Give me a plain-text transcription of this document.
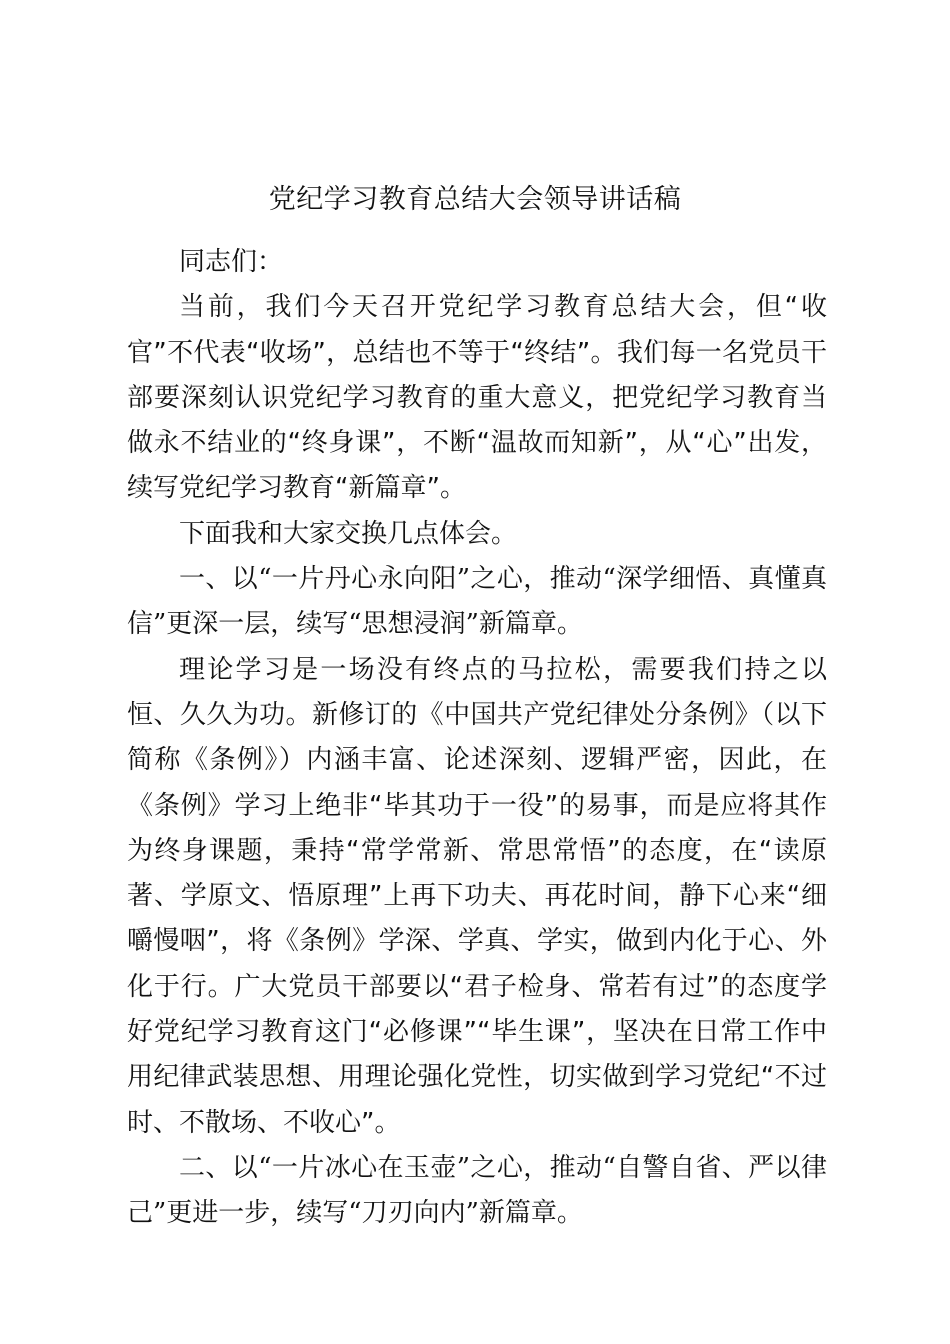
党纪学习教育总结大会领导讲话稿

同志们：

当前，我们今天召开党纪学习教育总结大会，但“收官”不代表“收场”，总结也不等于“终结”。我们每一名党员干部要深刻认识党纪学习教育的重大意义，把党纪学习教育当做永不结业的“终身课”，不断“温故而知新”，从“心”出发，续写党纪学习教育“新篇章”。

下面我和大家交换几点体会。

一、以“一片丹心永向阳”之心，推动“深学细悟、真懂真信”更深一层，续写“思想浸润”新篇章。

理论学习是一场没有终点的马拉松，需要我们持之以恒、久久为功。新修订的《中国共产党纪律处分条例》（以下简称《条例》）内涵丰富、论述深刻、逻辑严密，因此，在《条例》学习上绝非“毕其功于一役”的易事，而是应将其作为终身课题，秉持“常学常新、常思常悟”的态度，在“读原著、学原文、悟原理”上再下功夫、再花时间，静下心来“细嚼慢咽”，将《条例》学深、学真、学实，做到内化于心、外化于行。广大党员干部要以“君子检身、常若有过”的态度学好党纪学习教育这门“必修课”“毕生课”，坚决在日常工作中用纪律武装思想、用理论强化党性，切实做到学习党纪“不过时、不散场、不收心”。

二、以“一片冰心在玉壶”之心，推动“自警自省、严以律己”更进一步，续写“刀刃向内”新篇章。
